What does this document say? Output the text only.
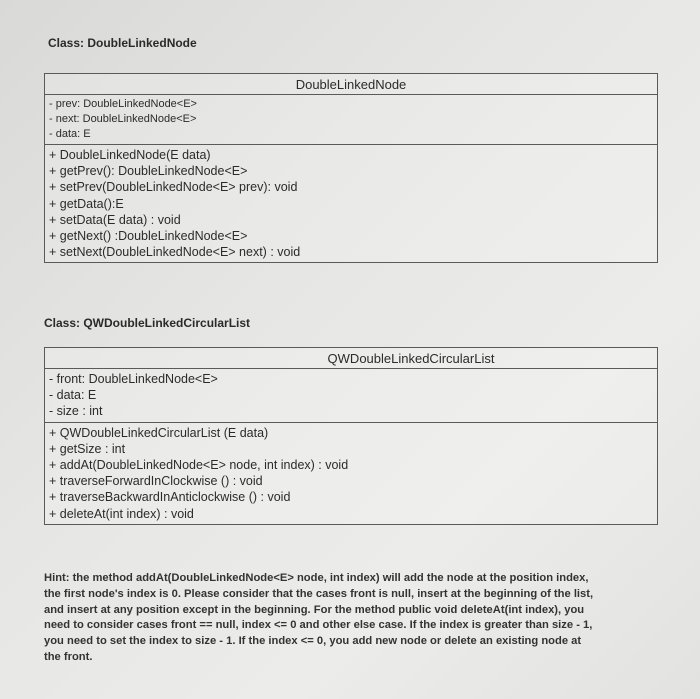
Class: DoubleLinkedNode
DoubleLinkedNode
- prev: DoubleLinkedNode<E>
- next: DoubleLinkedNode<E>
- data: E
+ DoubleLinkedNode(E data)
+ getPrev(): DoubleLinkedNode<E>
+ setPrev(DoubleLinkedNode<E> prev): void
+ getData():E
+ setData(E data) : void
+ getNext() :DoubleLinkedNode<E>
+ setNext(DoubleLinkedNode<E> next) : void
Class: QWDoubleLinkedCircularList
QWDoubleLinkedCircularList
- front: DoubleLinkedNode<E>
- data: E
- size : int
+ QWDoubleLinkedCircularList (E data)
+ getSize : int
+ addAt(DoubleLinkedNode<E> node, int index) : void
+ traverseForwardInClockwise () : void
+ traverseBackwardInAnticlockwise () : void
+ deleteAt(int index) : void
Hint: the method addAt(DoubleLinkedNode<E> node, int index) will add the node at the position index,
the first node's index is 0. Please consider that the cases front is null, insert at the beginning of the list,
and insert at any position except in the beginning. For the method public void deleteAt(int index), you
need to consider cases front == null, index <= 0 and other else case. If the index is greater than size - 1,
you need to set the index to size - 1. If the index <= 0, you add new node or delete an existing node at
the front.
